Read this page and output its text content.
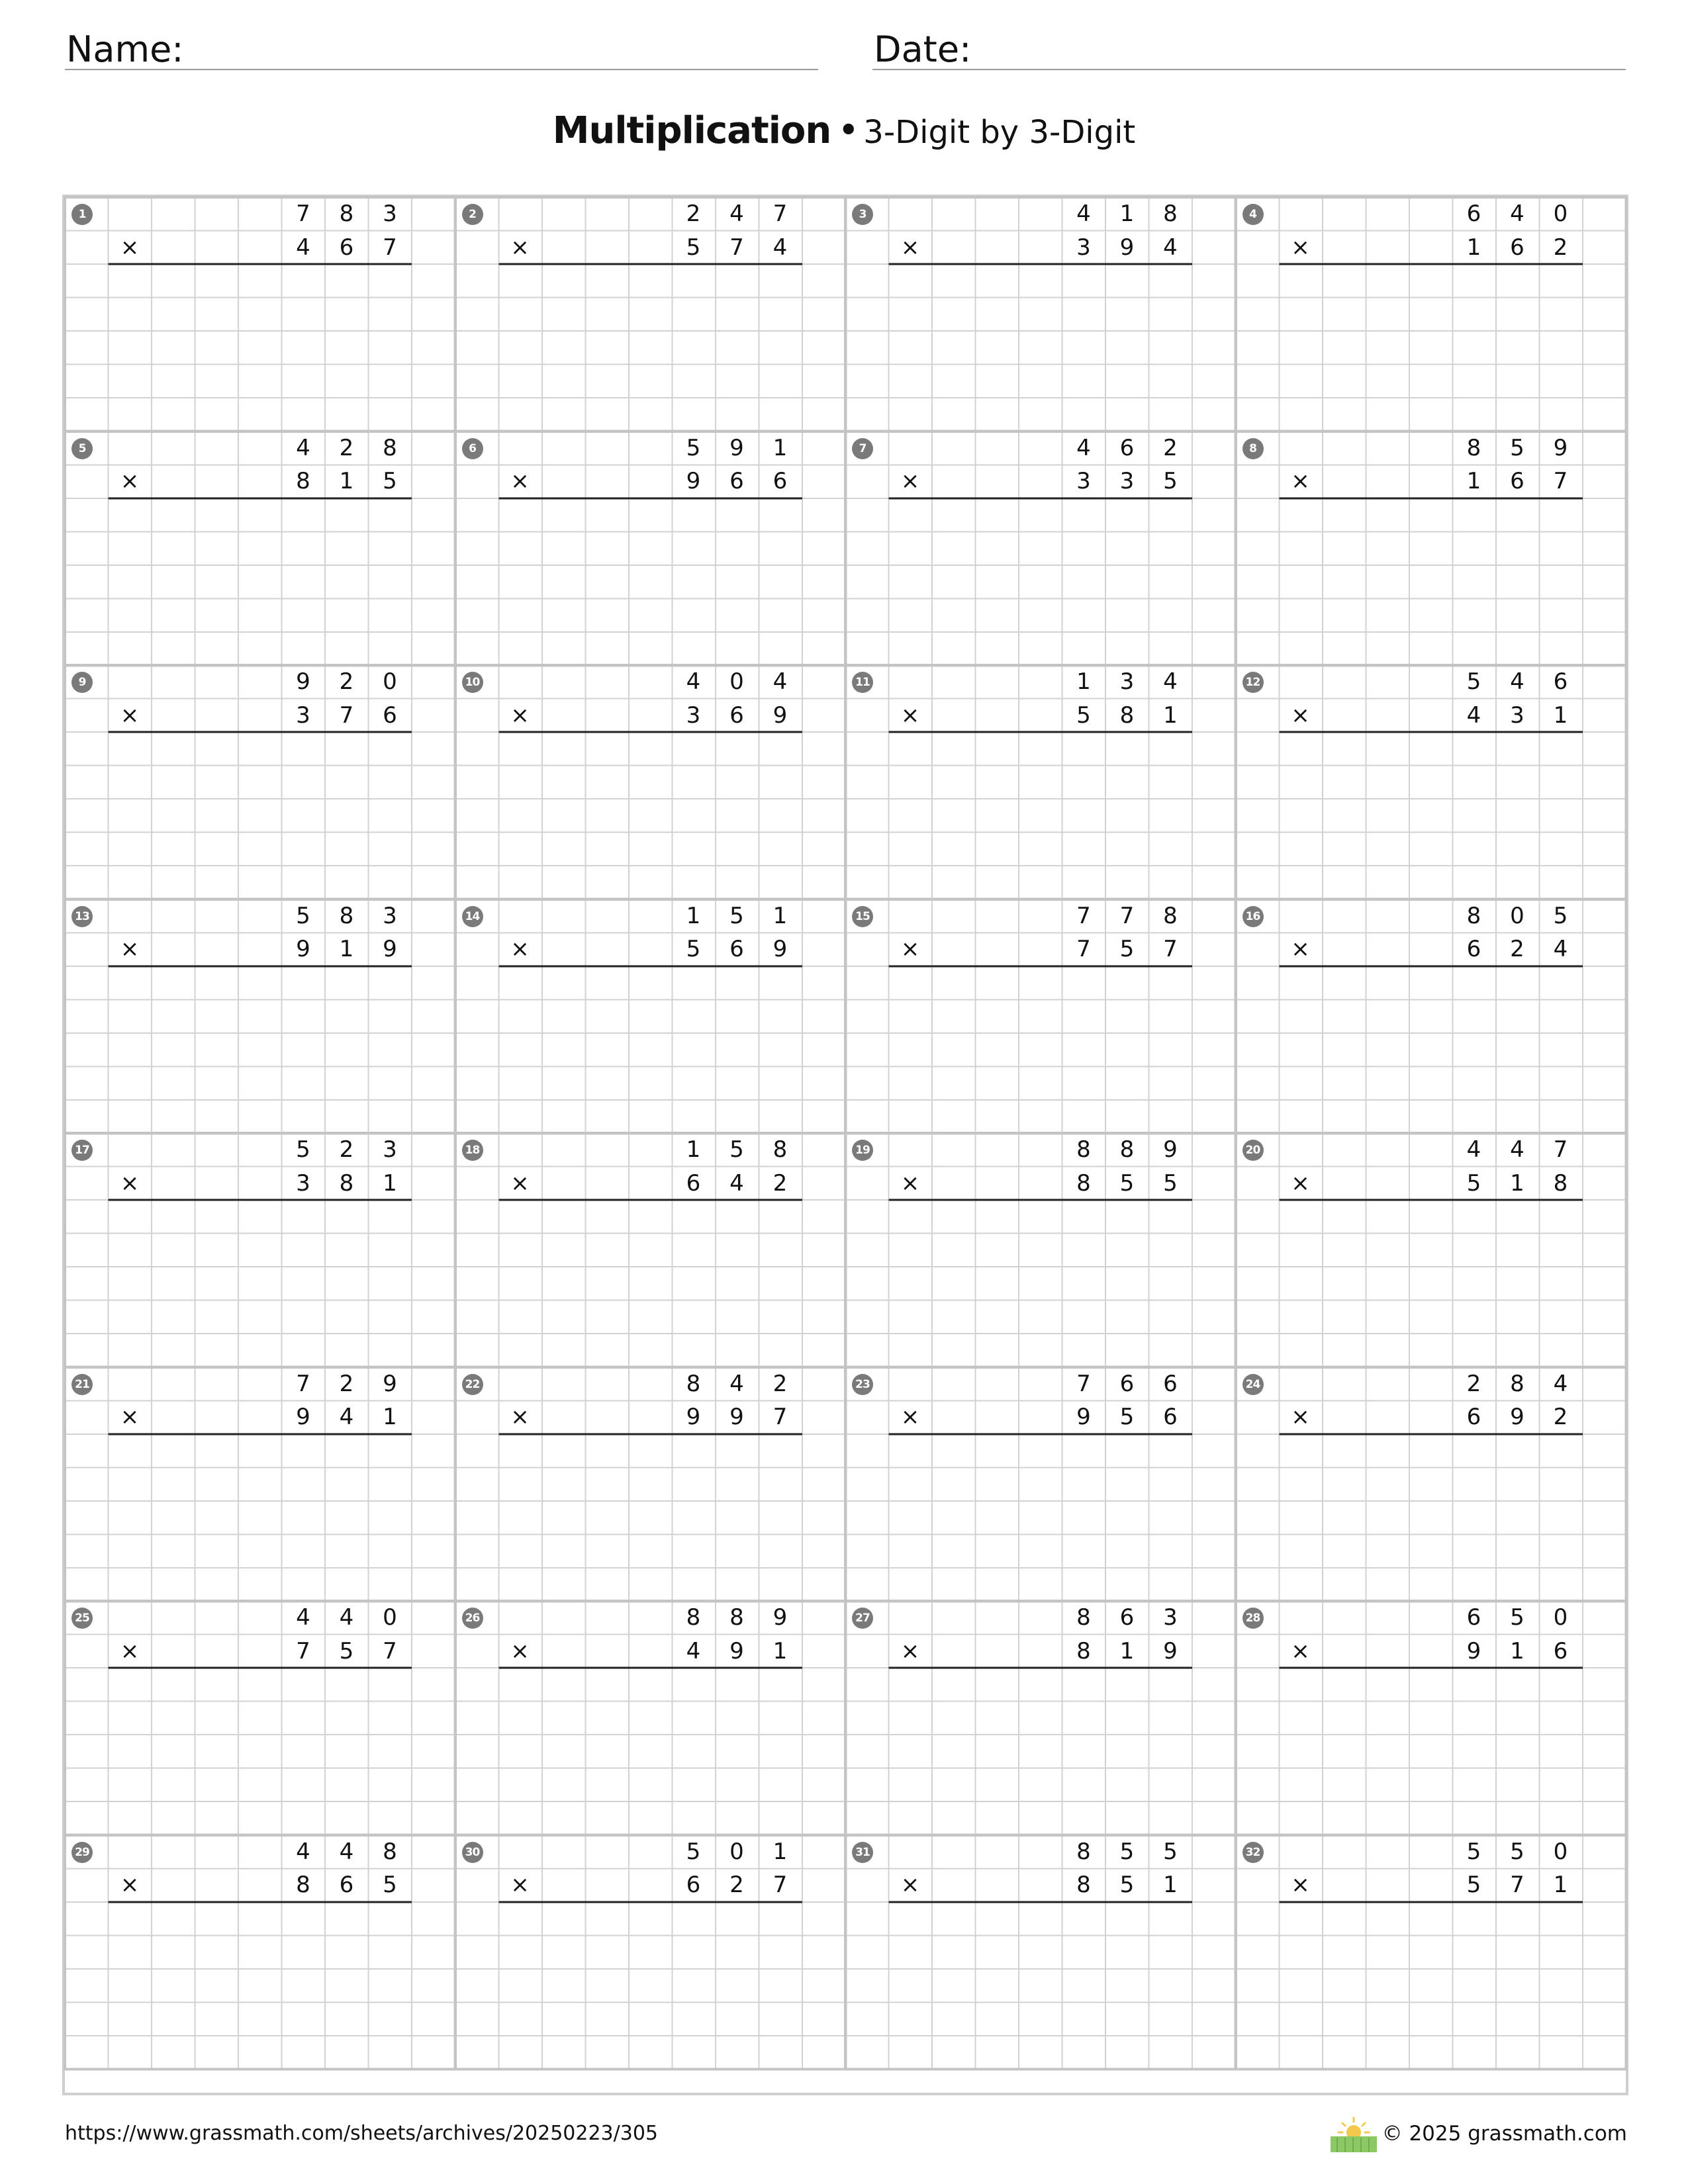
Name:	Date:
Multiplication • 3-Digit by 3-Digit
1
×
7	8	3
4	6	7
2
×
2	4	7
5	7	4
3
×
4	1	8
3	9	4
4
×
6	4	0
1	6	2
5
×
4	2	8
8	1	5
6
×
5	9	1
9	6	6
7
×
4	6	2
3	3	5
8
×
8	5	9
1	6	7
9
×
9	2	0
3	7	6
10
×
4	0	4
3	6	9
11
×
1	3	4
5	8	1
12
×
5	4	6
4	3	1
13
×
5	8	3
9	1	9
14
×
1	5	1
5	6	9
15
×
7	7	8
7	5	7
16
×
8	0	5
6	2	4
17
×
5	2	3
3	8	1
18
×
1	5	8
6	4	2
19
×
8	8	9
8	5	5
20
×
4	4	7
5	1	8
21
×
7	2	9
9	4	1
22
×
8	4	2
9	9	7
23
×
7	6	6
9	5	6
24
×
2	8	4
6	9	2
25
×
4	4	0
7	5	7
26
×
8	8	9
4	9	1
27
×
8	6	3
8	1	9
28
×
6	5	0
9	1	6
29
×
4	4	8
8	6	5
30
×
5	0	1
6	2	7
31
×
8	5	5
8	5	1
32
×
5	5	0
5	7	1
https://www.grassmath.com/sheets/archives/20250223/305	© 2025 grassmath.com
